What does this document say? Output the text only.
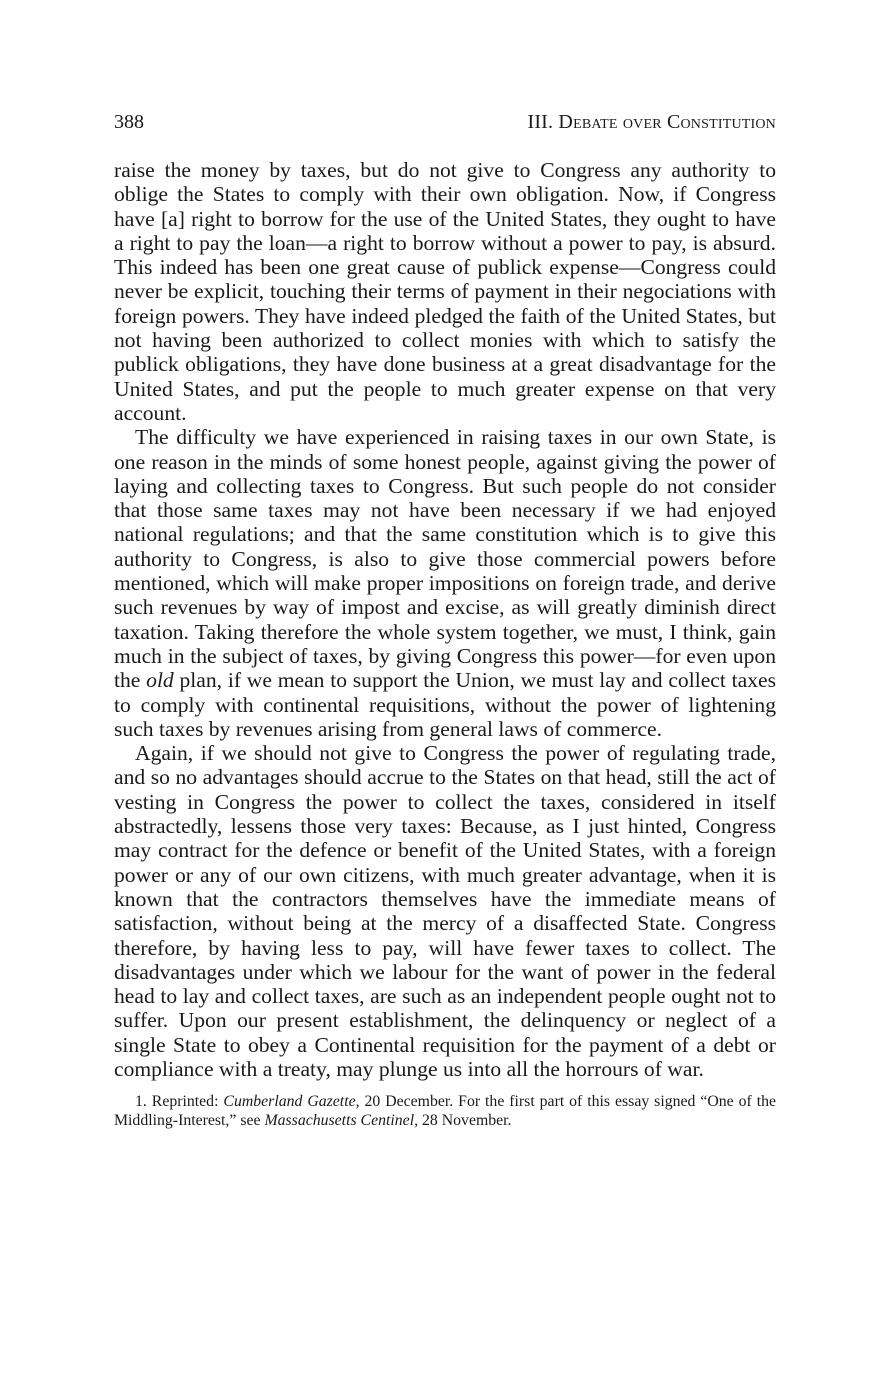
388	III. Debate over Constitution

raise the money by taxes, but do not give to Congress any authority to oblige the States to comply with their own obligation. Now, if Congress have [a] right to borrow for the use of the United States, they ought to have a right to pay the loan—a right to borrow without a power to pay, is absurd. This indeed has been one great cause of publick expense—Congress could never be explicit, touching their terms of payment in their negociations with foreign powers. They have indeed pledged the faith of the United States, but not having been authorized to collect monies with which to satisfy the publick obligations, they have done business at a great disadvantage for the United States, and put the people to much greater expense on that very account.

The difficulty we have experienced in raising taxes in our own State, is one reason in the minds of some honest people, against giving the power of laying and collecting taxes to Congress. But such people do not consider that those same taxes may not have been necessary if we had enjoyed national regulations; and that the same constitution which is to give this authority to Congress, is also to give those commercial powers before mentioned, which will make proper impositions on foreign trade, and derive such revenues by way of impost and excise, as will greatly diminish direct taxation. Taking therefore the whole system together, we must, I think, gain much in the subject of taxes, by giving Congress this power—for even upon the old plan, if we mean to support the Union, we must lay and collect taxes to comply with continental requisitions, without the power of lightening such taxes by revenues arising from general laws of commerce.

Again, if we should not give to Congress the power of regulating trade, and so no advantages should accrue to the States on that head, still the act of vesting in Congress the power to collect the taxes, considered in itself abstractedly, lessens those very taxes: Because, as I just hinted, Congress may contract for the defence or benefit of the United States, with a foreign power or any of our own citizens, with much greater advantage, when it is known that the contractors themselves have the immediate means of satisfaction, without being at the mercy of a disaffected State. Congress therefore, by having less to pay, will have fewer taxes to collect. The disadvantages under which we labour for the want of power in the federal head to lay and collect taxes, are such as an independent people ought not to suffer. Upon our present establishment, the delinquency or neglect of a single State to obey a Continental requisition for the payment of a debt or compliance with a treaty, may plunge us into all the horrours of war.

1. Reprinted: Cumberland Gazette, 20 December. For the first part of this essay signed “One of the Middling-Interest,” see Massachusetts Centinel, 28 November.
